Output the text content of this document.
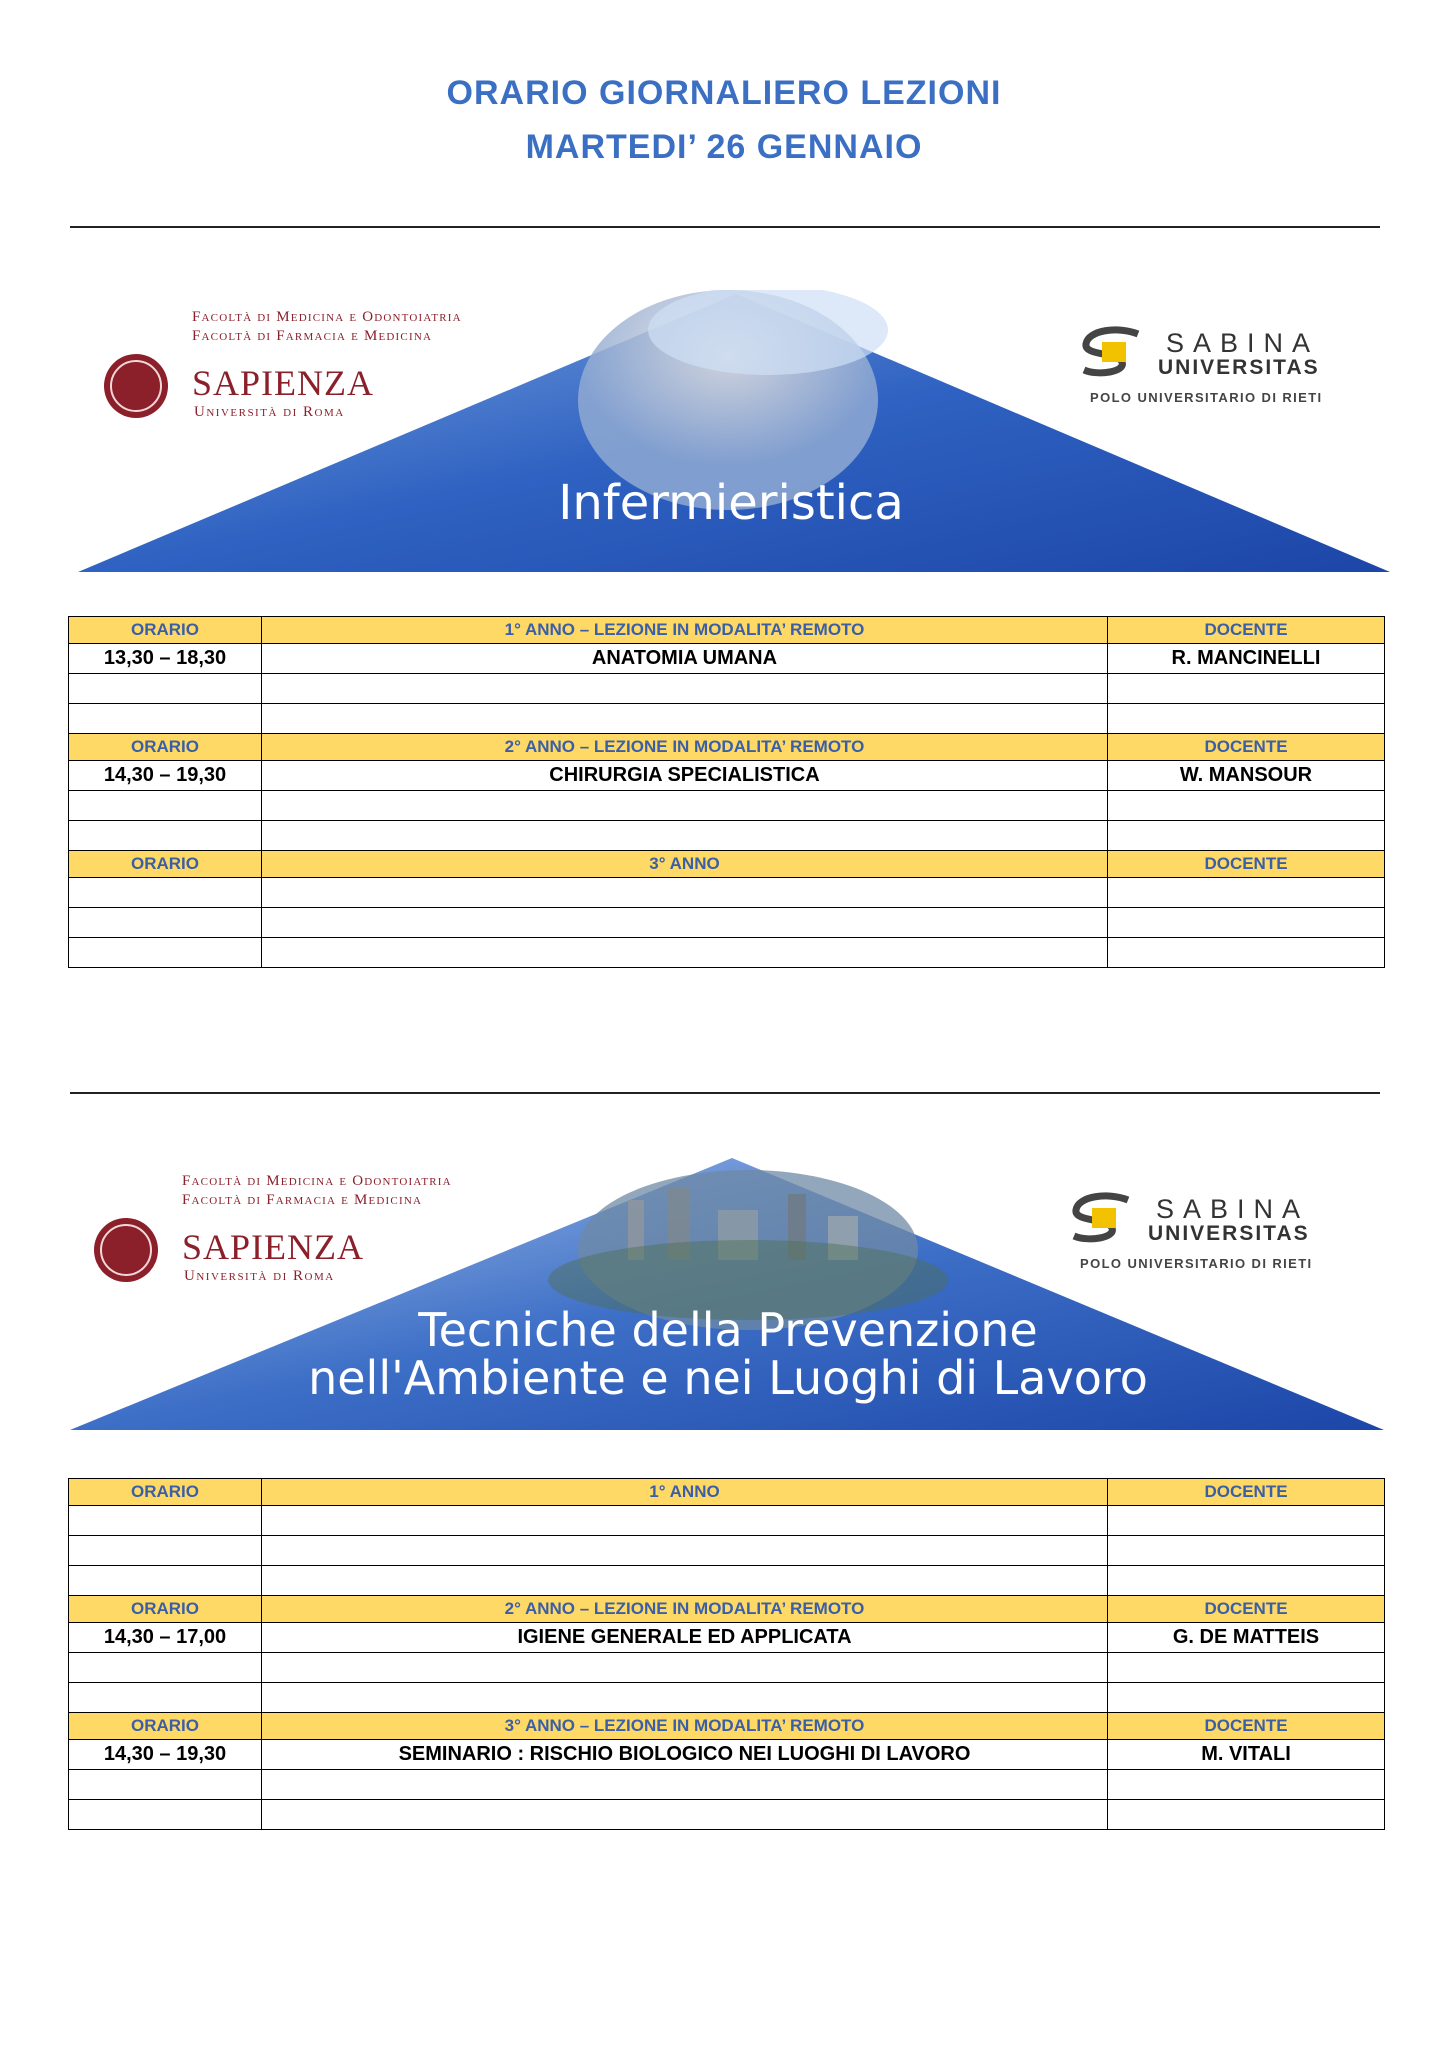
ORARIO GIORNALIERO LEZIONI
MARTEDI’ 26 GENNAIO
Facoltà di Medicina e Odontoiatria
Facoltà di Farmacia e Medicina
SAPIENZA
Università di Roma
SABINA
UNIVERSITAS
POLO UNIVERSITARIO DI RIETI
Infermieristica
ORARIO	1° ANNO – LEZIONE IN MODALITA’ REMOTO	DOCENTE
13,30 – 18,30	ANATOMIA UMANA	R. MANCINELLI

ORARIO	2° ANNO – LEZIONE IN MODALITA’ REMOTO	DOCENTE
14,30 – 19,30	CHIRURGIA SPECIALISTICA	W. MANSOUR

ORARIO	3° ANNO	DOCENTE

Facoltà di Medicina e Odontoiatria
Facoltà di Farmacia e Medicina
SAPIENZA
Università di Roma
SABINA
UNIVERSITAS
POLO UNIVERSITARIO DI RIETI
Tecniche della Prevenzione
nell'Ambiente e nei Luoghi di Lavoro
ORARIO	1° ANNO	DOCENTE

ORARIO	2° ANNO – LEZIONE IN MODALITA’ REMOTO	DOCENTE
14,30 – 17,00	IGIENE GENERALE ED APPLICATA	G. DE MATTEIS

ORARIO	3° ANNO – LEZIONE IN MODALITA’ REMOTO	DOCENTE
14,30 – 19,30	SEMINARIO : RISCHIO BIOLOGICO NEI LUOGHI DI LAVORO	M. VITALI
